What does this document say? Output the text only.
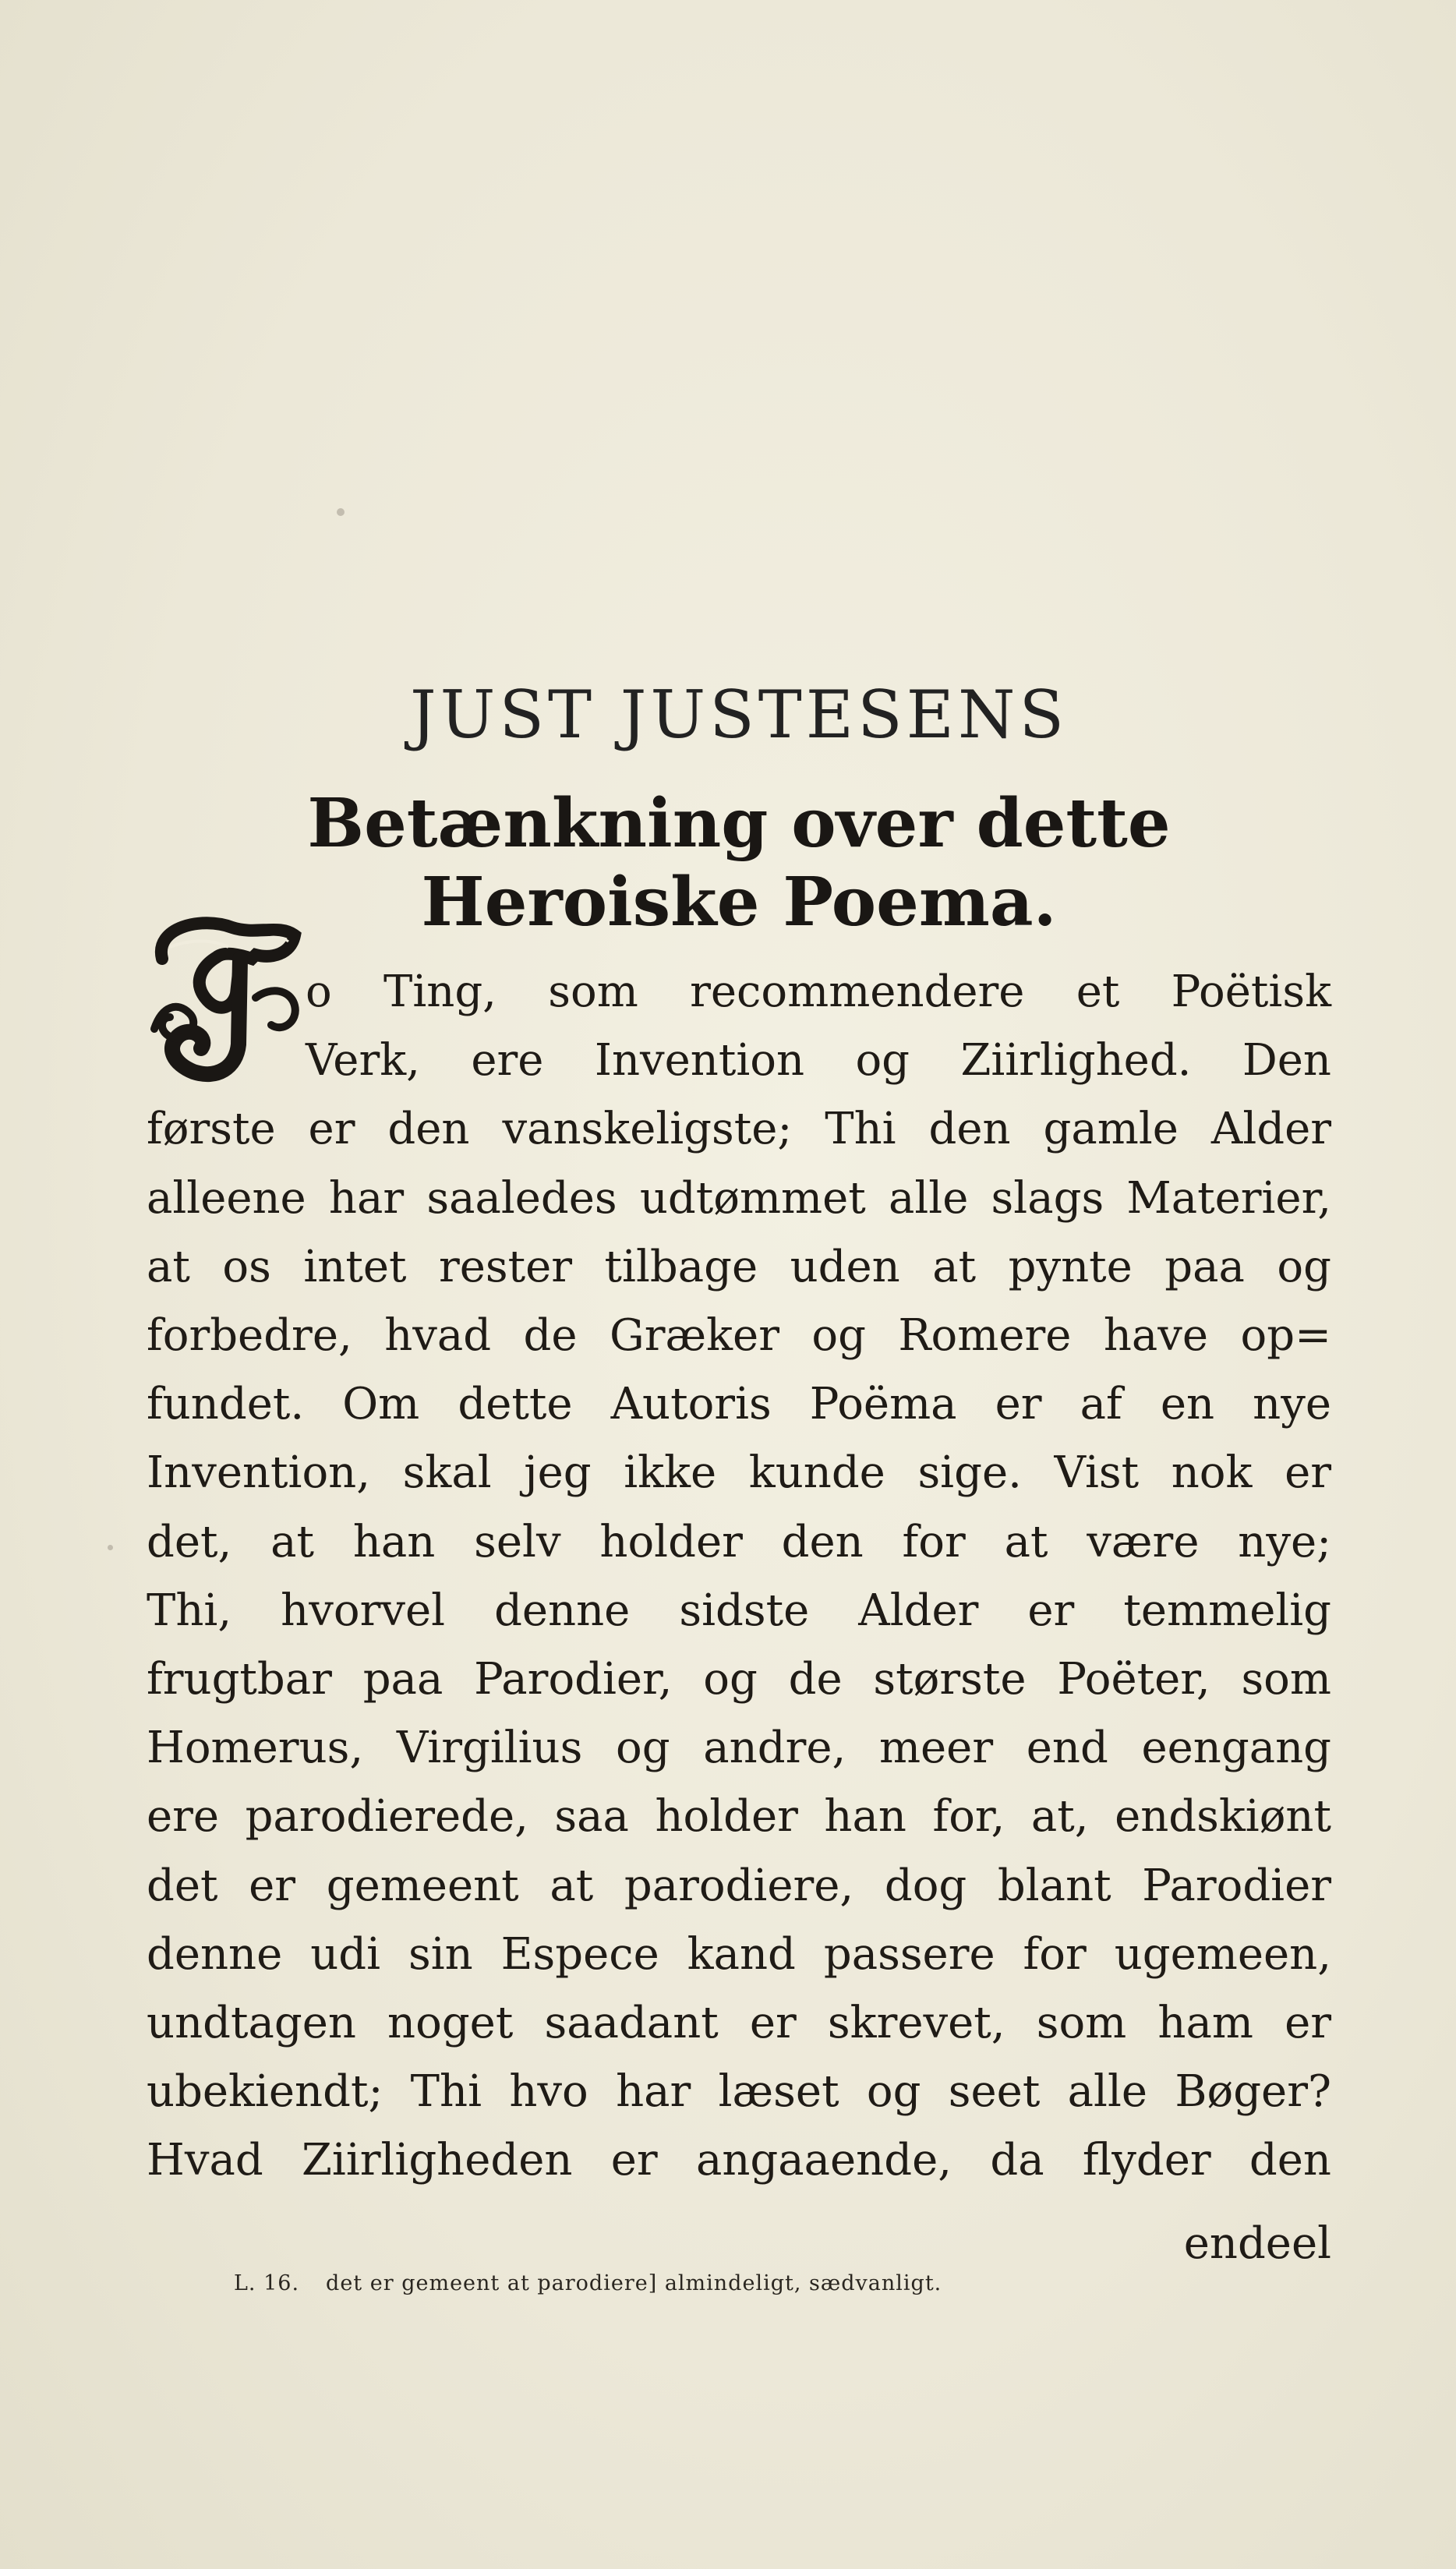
JUST JUSTESENS
Betænkning over dette Heroiske Poema.
T
o Ting, som recommendere et Poëtisk
Verk, ere Invention og Ziirlighed. Den
første er den vanskeligste; Thi den gamle Alder
alleene har saaledes udtømmet alle slags Materier,
at os intet rester tilbage uden at pynte paa og
forbedre, hvad de Græker og Romere have op=
fundet. Om dette Autoris Poëma er af en nye
Invention, skal jeg ikke kunde sige. Vist nok er
det, at han selv holder den for at være nye;
Thi, hvorvel denne sidste Alder er temmelig
frugtbar paa Parodier, og de største Poëter, som
Homerus, Virgilius og andre, meer end eengang
ere parodierede, saa holder han for, at, endskiønt
det er gemeent at parodiere, dog blant Parodier
denne udi sin Espece kand passere for ugemeen,
undtagen noget saadant er skrevet, som ham er
ubekiendt; Thi hvo har læset og seet alle Bøger?
Hvad Ziirligheden er angaaende, da flyder den
endeel
L. 16. det er gemeent at parodiere] almindeligt, sædvanligt.
